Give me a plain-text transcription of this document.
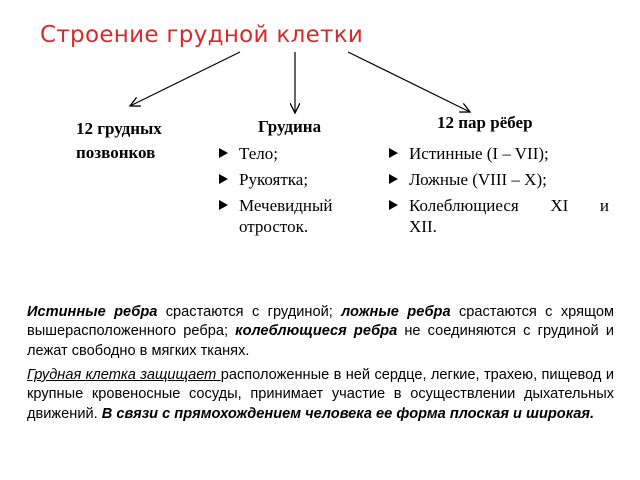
Строение грудной клетки
12 грудных
позвонков
Грудина
Тело;
Рукоятка;
Мечевидный
отросток.
12 пар рёбер
Истинные (I – VII);
Ложные (VIII – X);
Колеблющиеся XI и
XII.

Истинные ребра срастаются с грудиной; ложные ребра срастаются с хрящом вышерасположенного ребра; колеблющиеся ребра не соединяются с грудиной и лежат свободно в мягких тканях.

Грудная клетка защищает расположенные в ней сердце, легкие, трахею, пищевод и крупные кровеносные сосуды, принимает участие в осуществлении дыхательных движений. В связи с прямохождением человека ее форма плоская и широкая.
